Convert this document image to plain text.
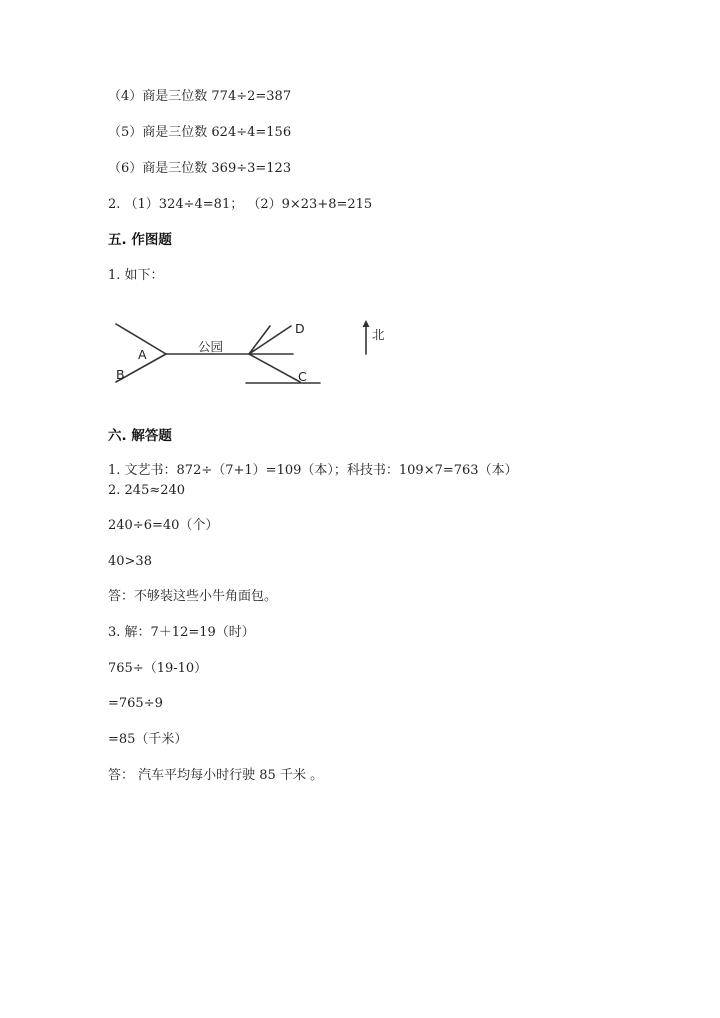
（4）商是三位数 774÷2=387
（5）商是三位数 624÷4=156
（6）商是三位数 369÷3=123
2. （1）324÷4=81； （2）9×23+8=215
五. 作图题
1. 如下：
A
B
公园
D
C
北
六. 解答题
1. 文艺书：872÷（7+1）=109（本）；科技书：109×7=763（本）
2. 245≈240
240÷6=40（个）
40>38
答：不够装这些小牛角面包。
3. 解：7＋12=19（时）
765÷（19-10）
=765÷9
=85（千米）
答： 汽车平均每小时行驶 85 千米 。
